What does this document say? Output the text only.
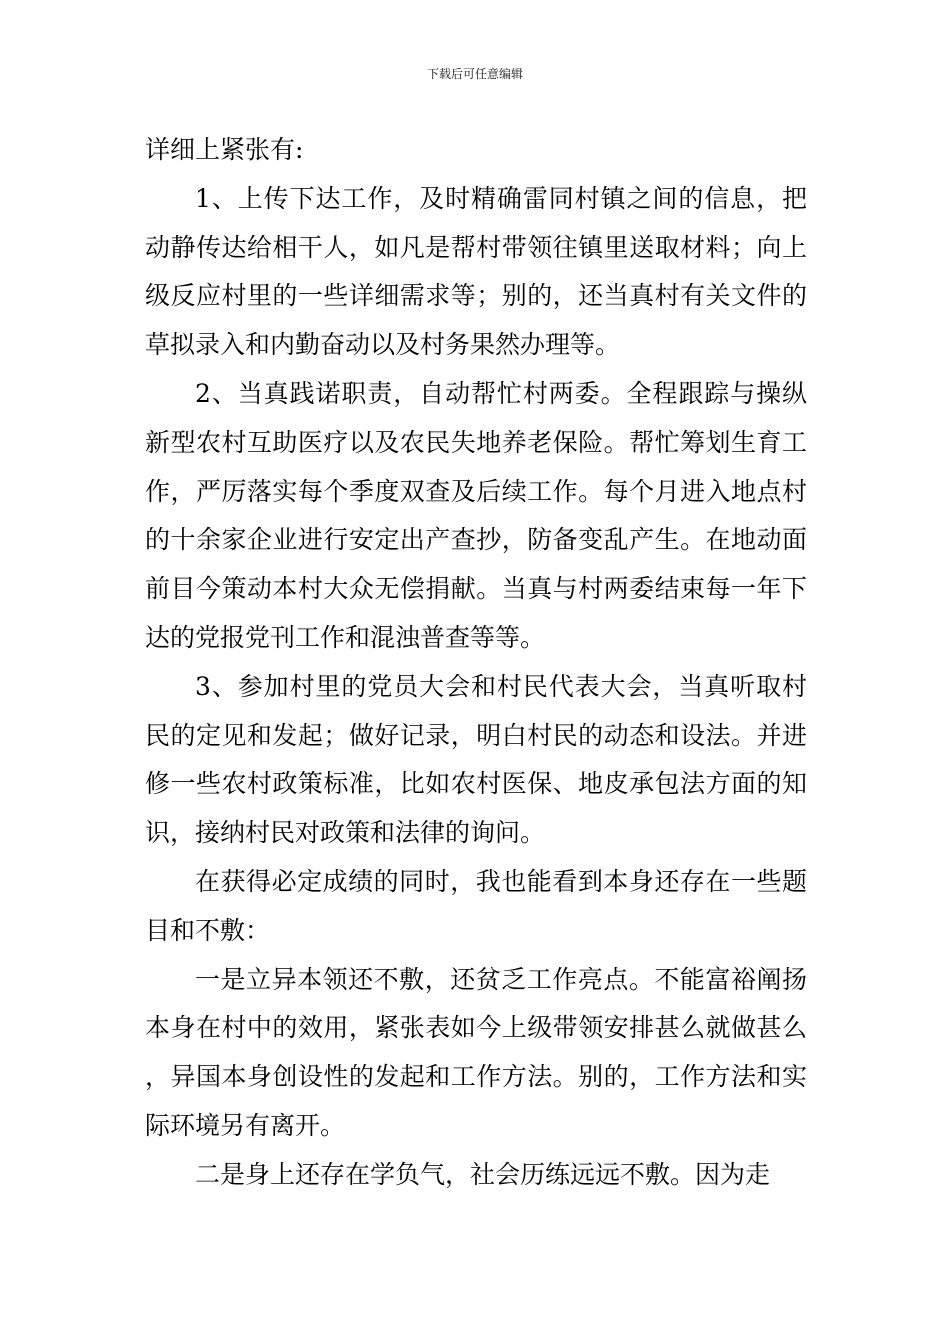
下载后可任意编辑

详细上紧张有:

1、上传下达工作，及时精确雷同村镇之间的信息，把动静传达给相干人，如凡是帮村带领往镇里送取材料；向上级反应村里的一些详细需求等；别的，还当真村有关文件的草拟录入和内勤奋动以及村务果然办理等。

2、当真践诺职责，自动帮忙村两委。全程跟踪与操纵新型农村互助医疗以及农民失地养老保险。帮忙筹划生育工作，严厉落实每个季度双查及后续工作。每个月进入地点村的十余家企业进行安定出产查抄，防备变乱产生。在地动面前目今策动本村大众无偿捐献。当真与村两委结束每一年下达的党报党刊工作和混浊普查等等。

3、参加村里的党员大会和村民代表大会，当真听取村民的定见和发起；做好记录，明白村民的动态和设法。并进修一些农村政策标准，比如农村医保、地皮承包法方面的知识，接纳村民对政策和法律的询问。

在获得必定成绩的同时，我也能看到本身还存在一些题目和不敷：

一是立异本领还不敷，还贫乏工作亮点。不能富裕阐扬本身在村中的效用，紧张表如今上级带领安排甚么就做甚么，异国本身创设性的发起和工作方法。别的，工作方法和实际环境另有离开。

二是身上还存在学负气，社会历练远远不敷。因为走
